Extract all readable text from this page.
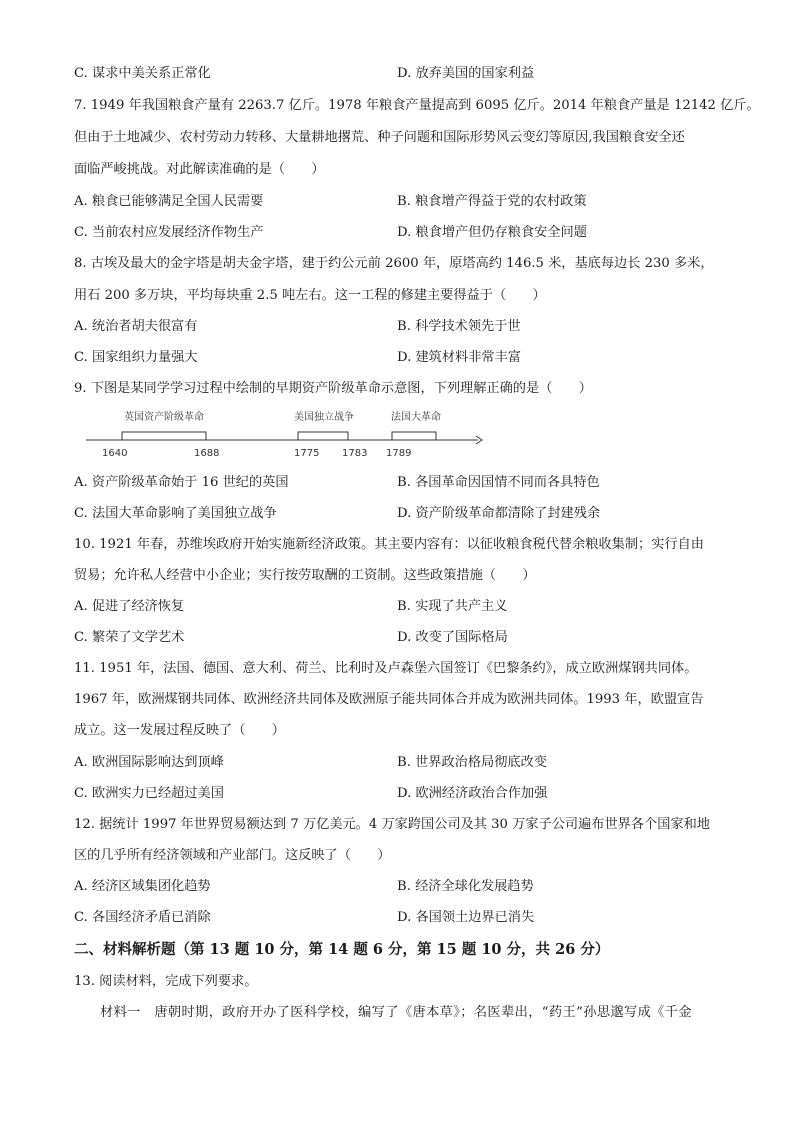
C. 谋求中美关系正常化	D. 放弃美国的国家利益
7. 1949 年我国粮食产量有 2263.7 亿斤。1978 年粮食产量提高到 6095 亿斤。2014 年粮食产量是 12142 亿斤。
但由于土地减少、农村劳动力转移、大量耕地撂荒、种子问题和国际形势风云变幻等原因,我国粮食安全还
面临严峻挑战。对此解读准确的是（　　）
A. 粮食已能够满足全国人民需要	B. 粮食增产得益于党的农村政策
C. 当前农村应发展经济作物生产	D. 粮食增产但仍存粮食安全问题
8. 古埃及最大的金字塔是胡夫金字塔，建于约公元前 2600 年，原塔高约 146.5 米，基底每边长 230 多米，
用石 200 多万块，平均每块重 2.5 吨左右。这一工程的修建主要得益于（　　）
A. 统治者胡夫很富有	B. 科学技术领先于世
C. 国家组织力量强大	D. 建筑材料非常丰富
9. 下图是某同学学习过程中绘制的早期资产阶级革命示意图，下列理解正确的是（　　）
英国资产阶级革命	美国独立战争	法国大革命
1640	1688	1775 1783 1789
A. 资产阶级革命始于 16 世纪的英国	B. 各国革命因国情不同而各具特色
C. 法国大革命影响了美国独立战争	D. 资产阶级革命都清除了封建残余
10. 1921 年春，苏维埃政府开始实施新经济政策。其主要内容有：以征收粮食税代替余粮收集制；实行自由
贸易；允许私人经营中小企业；实行按劳取酬的工资制。这些政策措施（　　）
A. 促进了经济恢复	B. 实现了共产主义
C. 繁荣了文学艺术	D. 改变了国际格局
11. 1951 年，法国、德国、意大利、荷兰、比利时及卢森堡六国签订《巴黎条约》，成立欧洲煤钢共同体。
1967 年，欧洲煤钢共同体、欧洲经济共同体及欧洲原子能共同体合并成为欧洲共同体。1993 年，欧盟宣告
成立。这一发展过程反映了（　　）
A. 欧洲国际影响达到顶峰	B. 世界政治格局彻底改变
C. 欧洲实力已经超过美国	D. 欧洲经济政治合作加强
12. 据统计 1997 年世界贸易额达到 7 万亿美元。4 万家跨国公司及其 30 万家子公司遍布世界各个国家和地
区的几乎所有经济领域和产业部门。这反映了（　　）
A. 经济区域集团化趋势	B. 经济全球化发展趋势
C. 各国经济矛盾已消除	D. 各国领土边界已消失
二、材料解析题（第 13 题 10 分，第 14 题 6 分，第 15 题 10 分，共 26 分）
13. 阅读材料，完成下列要求。
材料一　唐朝时期，政府开办了医科学校，编写了《唐本草》；名医辈出，“药王”孙思邈写成《千金
